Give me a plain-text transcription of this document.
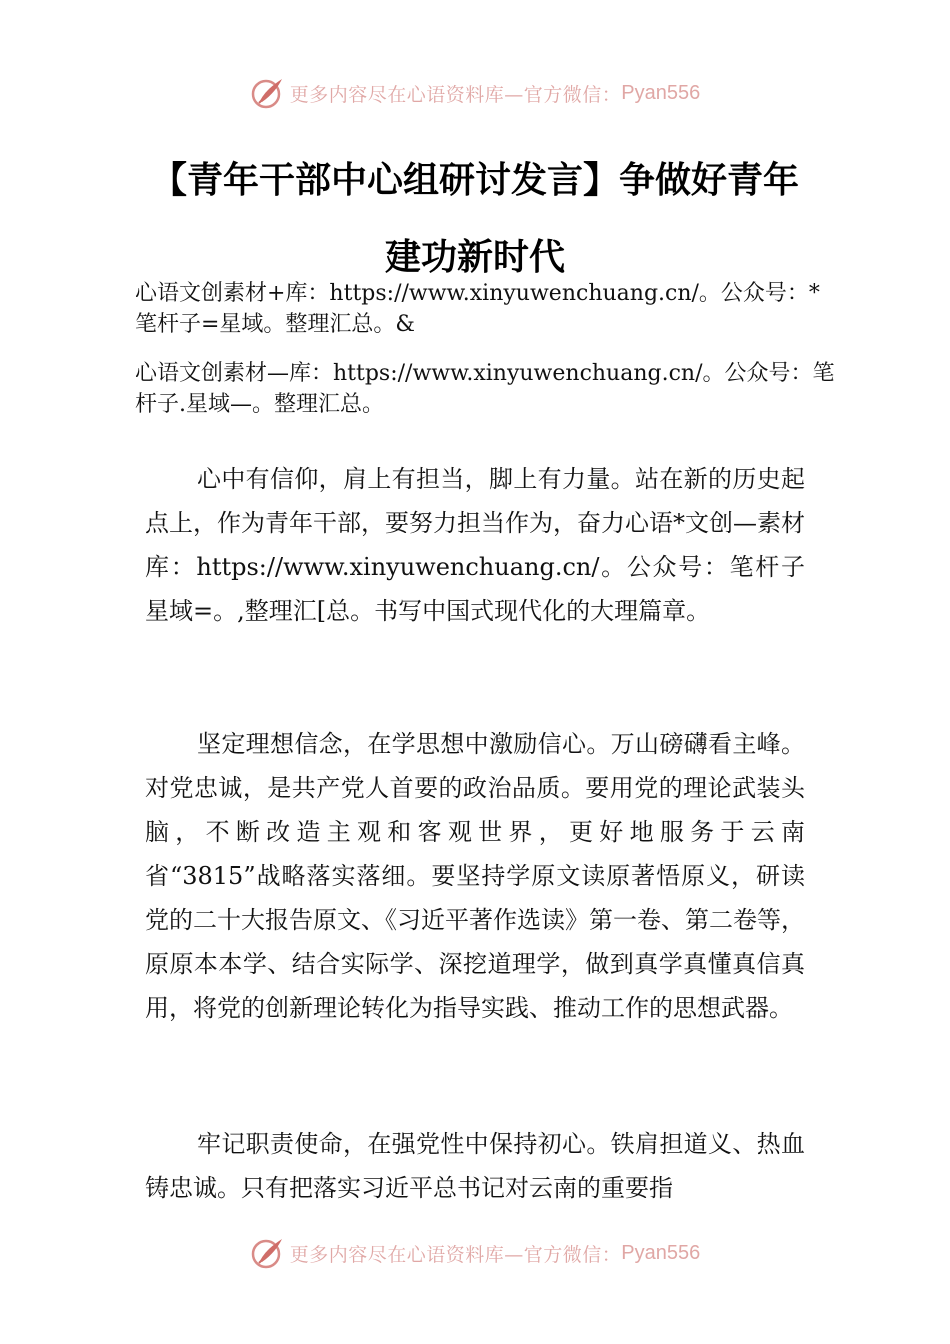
更多内容尽在心语资料库—官方微信： Pyan556
【青年干部中心组研讨发言】争做好青年
建功新时代
心语文创素材+库：https://www.xinyuwenchuang.cn/。公众号：*笔杆子=星域。整理汇总。&
心语文创素材—库：https://www.xinyuwenchuang.cn/。公众号：笔杆子.星域—。整理汇总。
心中有信仰，肩上有担当，脚上有力量。站在新的历史起点上，作为青年干部，要努力担当作为，奋力心语*文创—素材库：https://www.xinyuwenchuang.cn/。公众号：笔杆子星域=。,整理汇[总。书写中国式现代化的大理篇章。
坚定理想信念，在学思想中激励信心。万山磅礴看主峰。对党忠诚，是共产党人首要的政治品质。要用党的理论武装头脑，不断改造主观和客观世界，更好地服务于云南省“3815”战略落实落细。要坚持学原文读原著悟原义，研读党的二十大报告原文、《习近平著作选读》第一卷、第二卷等，原原本本学、结合实际学、深挖道理学，做到真学真懂真信真用，将党的创新理论转化为指导实践、推动工作的思想武器。
牢记职责使命，在强党性中保持初心。铁肩担道义、热血铸忠诚。只有把落实习近平总书记对云南的重要指
更多内容尽在心语资料库—官方微信： Pyan556
